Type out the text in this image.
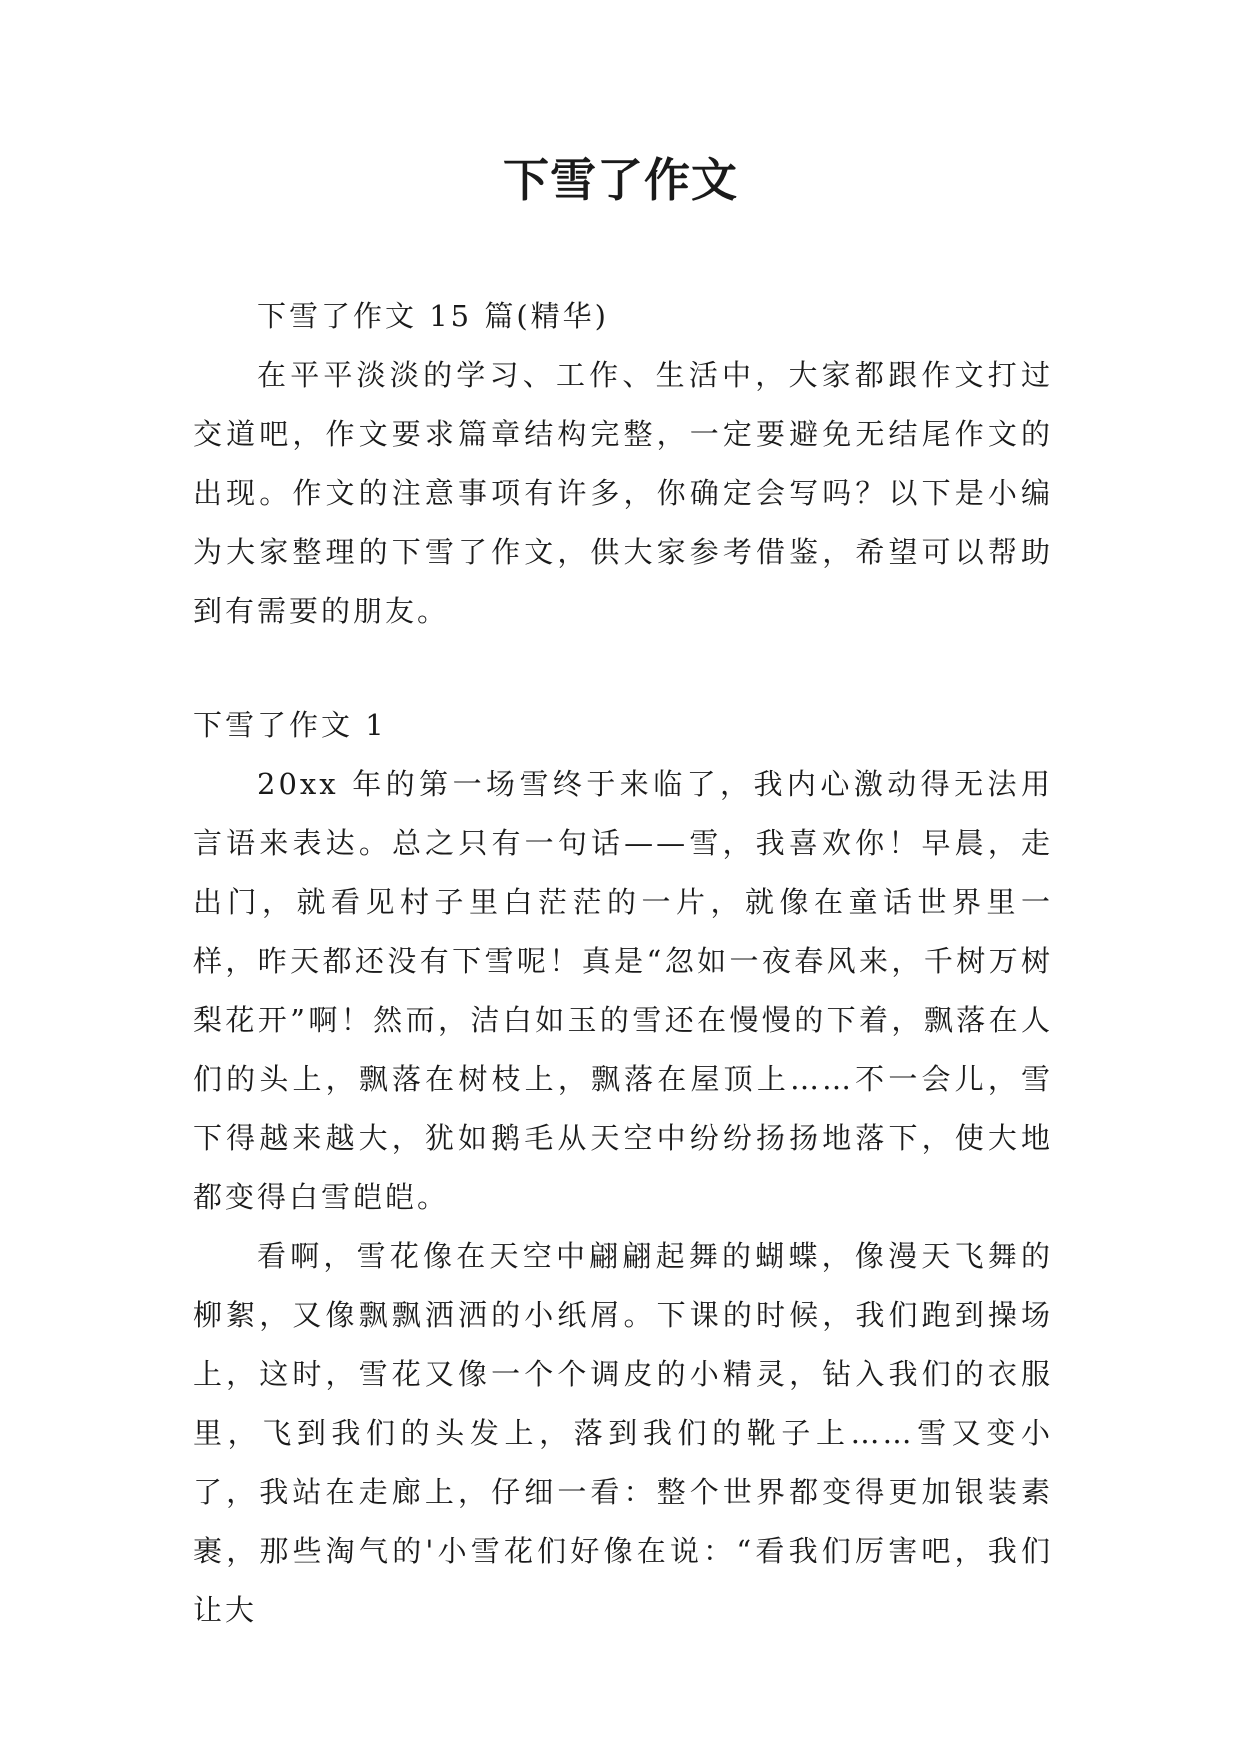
下雪了作文

下雪了作文 15 篇(精华)

在平平淡淡的学习、工作、生活中，大家都跟作文打过交道吧，作文要求篇章结构完整，一定要避免无结尾作文的出现。作文的注意事项有许多，你确定会写吗？以下是小编为大家整理的下雪了作文，供大家参考借鉴，希望可以帮助到有需要的朋友。

下雪了作文 1

20xx 年的第一场雪终于来临了，我内心激动得无法用言语来表达。总之只有一句话——雪，我喜欢你！早晨，走出门，就看见村子里白茫茫的一片，就像在童话世界里一样，昨天都还没有下雪呢！真是“忽如一夜春风来，千树万树梨花开”啊！然而，洁白如玉的雪还在慢慢的下着，飘落在人们的头上，飘落在树枝上，飘落在屋顶上……不一会儿，雪下得越来越大，犹如鹅毛从天空中纷纷扬扬地落下，使大地都变得白雪皑皑。

看啊，雪花像在天空中翩翩起舞的蝴蝶，像漫天飞舞的柳絮，又像飘飘洒洒的小纸屑。下课的时候，我们跑到操场上，这时，雪花又像一个个调皮的小精灵，钻入我们的衣服里，飞到我们的头发上，落到我们的靴子上……雪又变小了，我站在走廊上，仔细一看：整个世界都变得更加银装素裹，那些淘气的'小雪花们好像在说：“看我们厉害吧，我们让大
